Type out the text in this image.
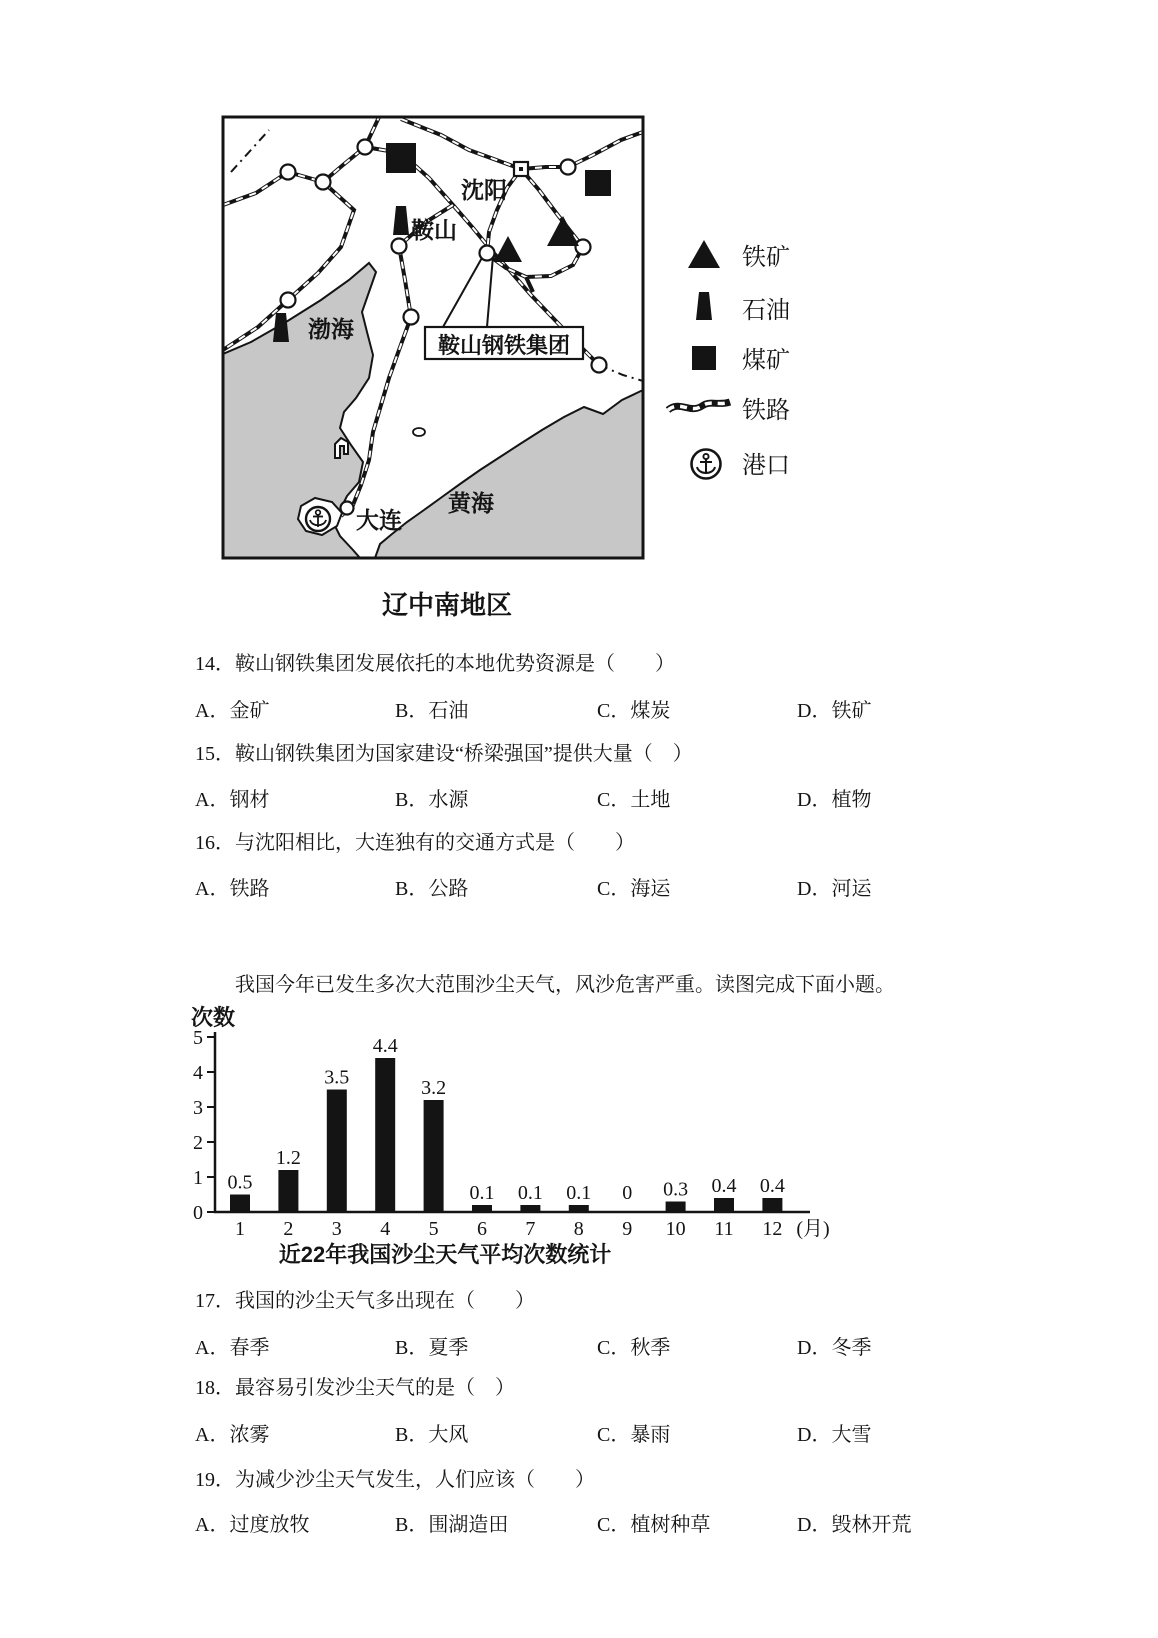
沈阳
鞍山
渤海
大连
黄海
鞍山钢铁集团
铁矿
石油
煤矿
铁路
港口
辽中南地区
14．鞍山钢铁集团发展依托的本地优势资源是（　　）
A．金矿	B．石油	C．煤炭	D．铁矿
15．鞍山钢铁集团为国家建设“桥梁强国”提供大量（　）
A．钢材	B．水源	C．土地	D．植物
16．与沈阳相比，大连独有的交通方式是（　　）
A．铁路	B．公路	C．海运	D．河运
我国今年已发生多次大范围沙尘天气，风沙危害严重。读图完成下面小题。
次数
0
1
2
3
4
5
0.5
1
1.2
2
3.5
3
4.4
4
3.2
5
0.1
6
0.1
7
0.1
8
0
9
0.3
10
0.4
11
0.4
12 (月)
近22年我国沙尘天气平均次数统计
17．我国的沙尘天气多出现在（　　）
A．春季	B．夏季	C．秋季	D．冬季
18．最容易引发沙尘天气的是（　）
A．浓雾	B．大风	C．暴雨	D．大雪
19．为减少沙尘天气发生，人们应该（　　）
A．过度放牧	B．围湖造田	C．植树种草	D．毁林开荒
